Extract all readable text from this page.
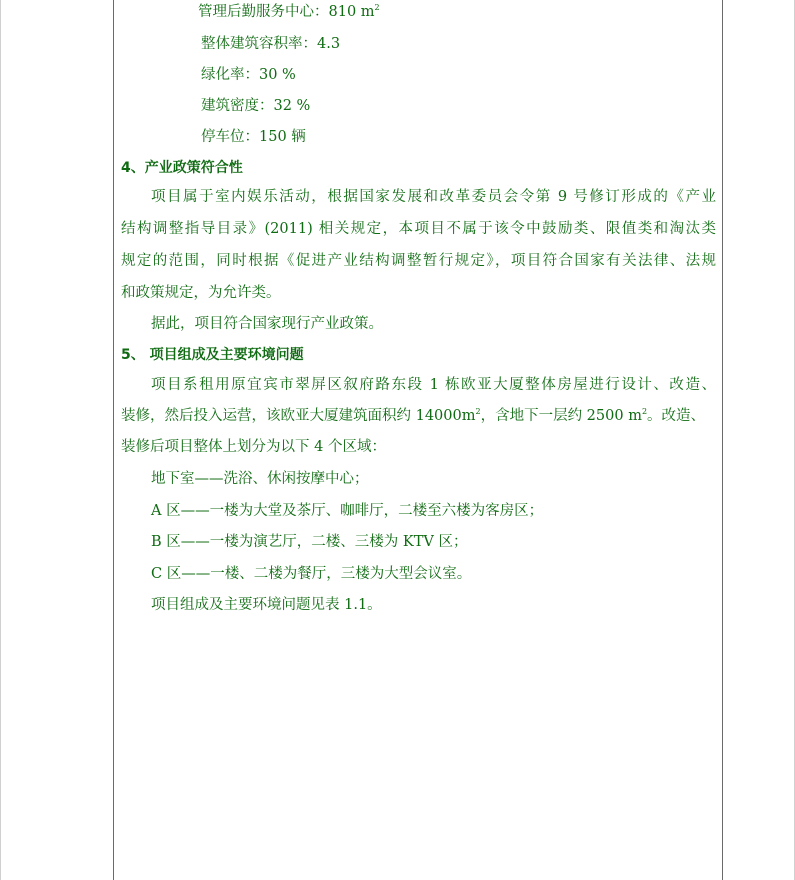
管理后勤服务中心：810 $m^2$
整体建筑容积率：4.3
绿化率：30 %
建筑密度：32 %
停车位：150 辆
4、产业政策符合性
项目属于室内娱乐活动，根据国家发展和改革委员会令第 9 号修订形成的《产业
结构调整指导目录》(2011) 相关规定，本项目不属于该令中鼓励类、限值类和淘汰类
规定的范围，同时根据《促进产业结构调整暂行规定》，项目符合国家有关法律、法规
和政策规定，为允许类。
据此，项目符合国家现行产业政策。
5、 项目组成及主要环境问题
项目系租用原宜宾市翠屏区叙府路东段 1 栋欧亚大厦整体房屋进行设计、改造、
装修，然后投入运营，该欧亚大厦建筑面积约 $14000m^2$，含地下一层约 2500 $m^2$。改造、
装修后项目整体上划分为以下 4 个区域：
地下室——洗浴、休闲按摩中心；
A 区——一楼为大堂及茶厅、咖啡厅，二楼至六楼为客房区；
B 区——一楼为演艺厅，二楼、三楼为 KTV 区；
C 区——一楼、二楼为餐厅，三楼为大型会议室。
项目组成及主要环境问题见表 1.1。
